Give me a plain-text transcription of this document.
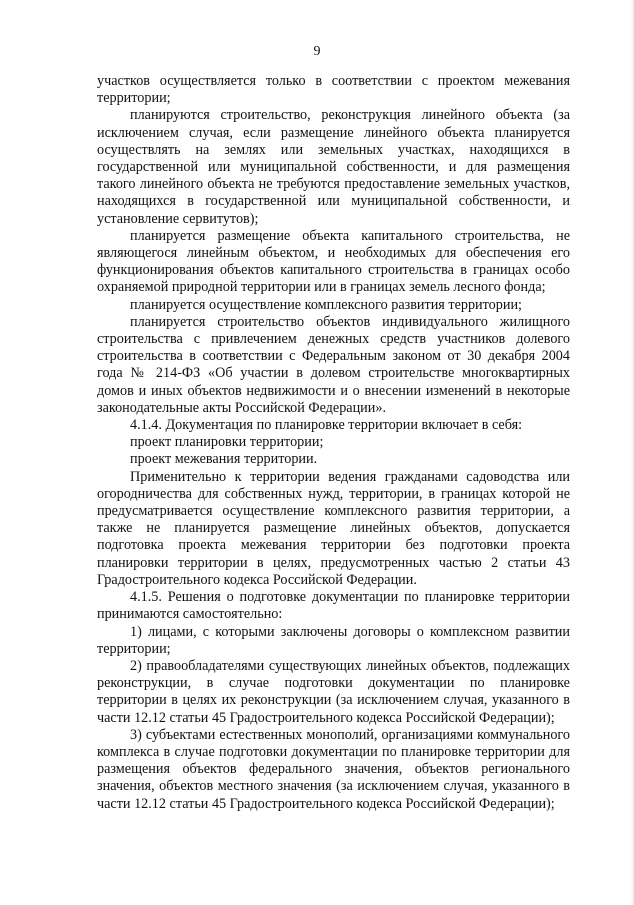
9

участков осуществляется только в соответствии с проектом межевания территории;

планируются строительство, реконструкция линейного объекта (за исключением случая, если размещение линейного объекта планируется осуществлять на землях или земельных участках, находящихся в государственной или муниципальной собственности, и для размещения такого линейного объекта не требуются предоставление земельных участков, находящихся в государственной или муниципальной собственности, и установление сервитутов);

планируется размещение объекта капитального строительства, не являющегося линейным объектом, и необходимых для обеспечения его функционирования объектов капитального строительства в границах особо охраняемой природной территории или в границах земель лесного фонда;

планируется осуществление комплексного развития территории;

планируется строительство объектов индивидуального жилищного строительства с привлечением денежных средств участников долевого строительства в соответствии с Федеральным законом от 30 декабря 2004 года № 214-ФЗ «Об участии в долевом строительстве многоквартирных домов и иных объектов недвижимости и о внесении изменений в некоторые законодательные акты Российской Федерации».

4.1.4. Документация по планировке территории включает в себя:

проект планировки территории;

проект межевания территории.

Применительно к территории ведения гражданами садоводства или огородничества для собственных нужд, территории, в границах которой не предусматривается осуществление комплексного развития территории, а также не планируется размещение линейных объектов, допускается подготовка проекта межевания территории без подготовки проекта планировки территории в целях, предусмотренных частью 2 статьи 43 Градостроительного кодекса Российской Федерации.

4.1.5. Решения о подготовке документации по планировке территории принимаются самостоятельно:

1) лицами, с которыми заключены договоры о комплексном развитии территории;

2) правообладателями существующих линейных объектов, подлежащих реконструкции, в случае подготовки документации по планировке территории в целях их реконструкции (за исключением случая, указанного в части 12.12 статьи 45 Градостроительного кодекса Российской Федерации);

3) субъектами естественных монополий, организациями коммунального комплекса в случае подготовки документации по планировке территории для размещения объектов федерального значения, объектов регионального значения, объектов местного значения (за исключением случая, указанного в части 12.12 статьи 45 Градостроительного кодекса Российской Федерации);
